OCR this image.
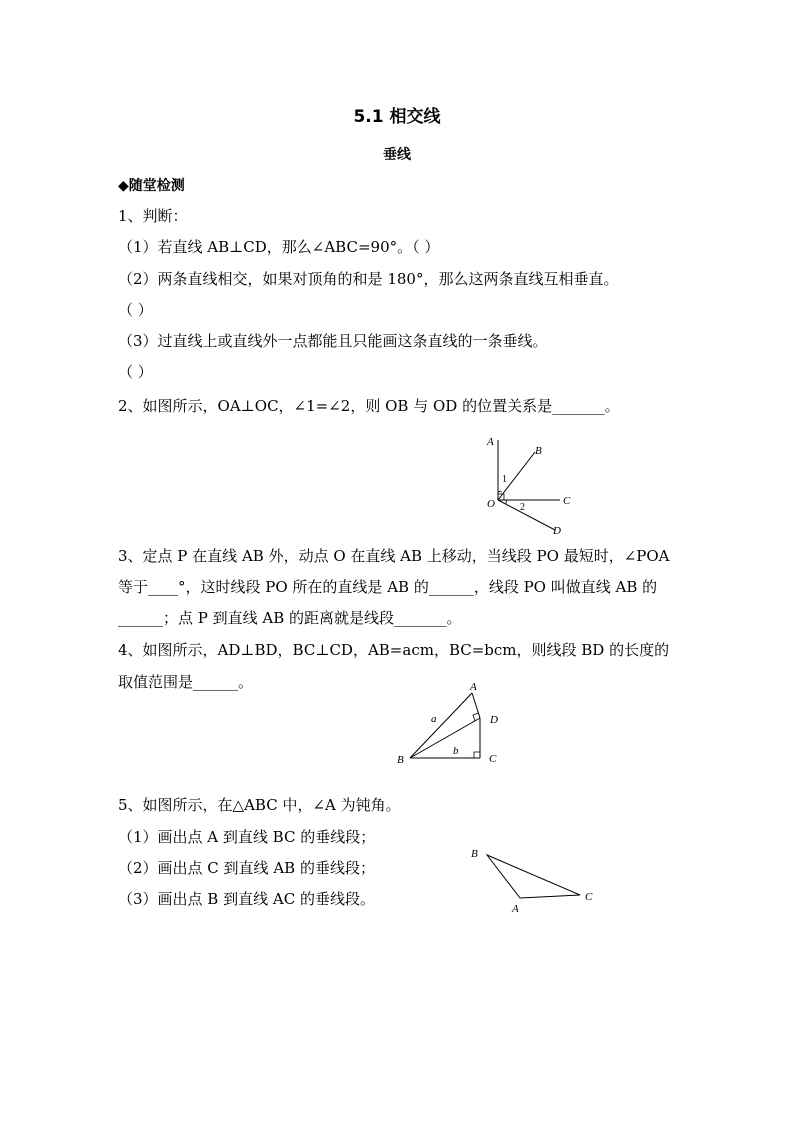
5.1 相交线
垂线
◆随堂检测
1、判断：
（1）若直线 AB⊥CD，那么∠ABC=90°。（ ）
（2）两条直线相交，如果对顶角的和是 180°，那么这两条直线互相垂直。
（ ）
（3）过直线上或直线外一点都能且只能画这条直线的一条垂线。
（ ）
2、如图所示，OA⊥OC，∠1=∠2，则 OB 与 OD 的位置关系是_______。
A
B
C
D
O
1
2
3、定点 P 在直线 AB 外，动点 O 在直线 AB 上移动，当线段 PO 最短时，∠POA
等于____°，这时线段 PO 所在的直线是 AB 的______，线段 PO 叫做直线 AB 的
______；点 P 到直线 AB 的距离就是线段_______。
4、如图所示，AD⊥BD，BC⊥CD，AB=acm，BC=bcm，则线段 BD 的长度的
取值范围是______。	A
B	C
D
a
b
5、如图所示，在△ABC 中，∠A 为钝角。
（1）画出点 A 到直线 BC 的垂线段；
（2）画出点 C 到直线 AB 的垂线段；
（3）画出点 B 到直线 AC 的垂线段。
B
A
C
